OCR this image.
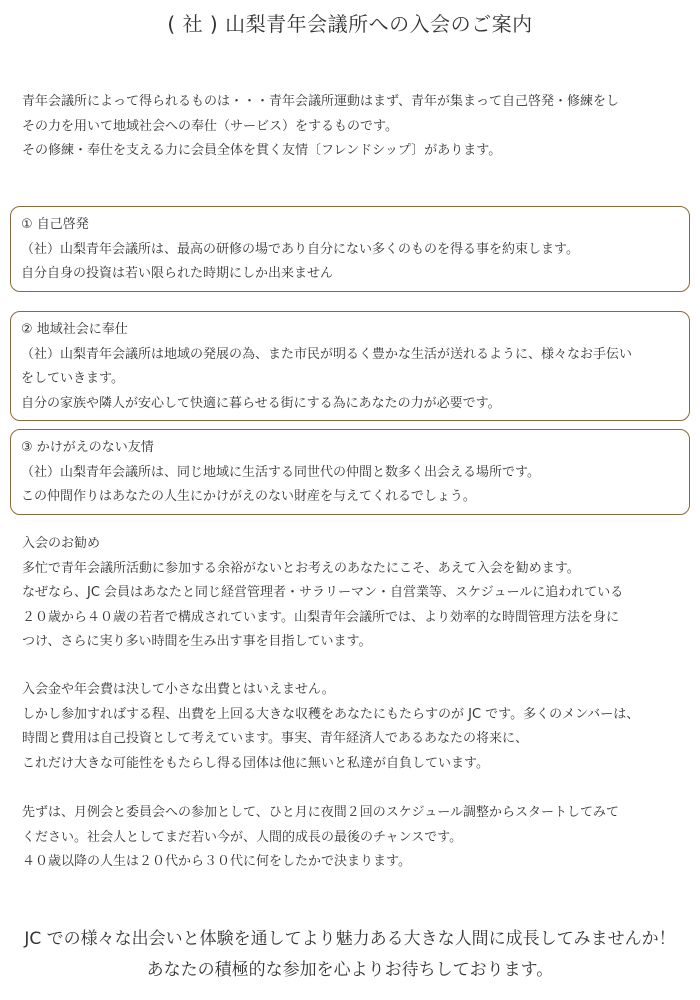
( 社 ) 山梨青年会議所への入会のご案内

青年会議所によって得られるものは・・・青年会議所運動はまず、青年が集まって自己啓発・修練をし

その力を用いて地域社会への奉仕（サービス）をするものです。

その修練・奉仕を支える力に会員全体を貫く友情〔フレンドシップ〕があります。

① 自己啓発

（社）山梨青年会議所は、最高の研修の場であり自分にない多くのものを得る事を約束します。

自分自身の投資は若い限られた時期にしか出来ません

② 地域社会に奉仕

（社）山梨青年会議所は地域の発展の為、また市民が明るく豊かな生活が送れるように、様々なお手伝い

をしていきます。

自分の家族や隣人が安心して快適に暮らせる街にする為にあなたの力が必要です。

③ かけがえのない友情

（社）山梨青年会議所は、同じ地域に生活する同世代の仲間と数多く出会える場所です。

この仲間作りはあなたの人生にかけがえのない財産を与えてくれるでしょう。

入会のお勧め

多忙で青年会議所活動に参加する余裕がないとお考えのあなたにこそ、あえて入会を勧めます。

なぜなら、JC 会員はあなたと同じ経営管理者・サラリーマン・自営業等、スケジュールに追われている

２０歳から４０歳の若者で構成されています。山梨青年会議所では、より効率的な時間管理方法を身に

つけ、さらに実り多い時間を生み出す事を目指しています。

入会金や年会費は決して小さな出費とはいえません。

しかし参加すればする程、出費を上回る大きな収穫をあなたにもたらすのが JC です。多くのメンバーは、

時間と費用は自己投資として考えています。事実、青年経済人であるあなたの将来に、

これだけ大きな可能性をもたらし得る団体は他に無いと私達が自負しています。

先ずは、月例会と委員会への参加として、ひと月に夜間２回のスケジュール調整からスタートしてみて

ください。社会人としてまだ若い今が、人間的成長の最後のチャンスです。

４０歳以降の人生は２０代から３０代に何をしたかで決まります。

JC での様々な出会いと体験を通してより魅力ある大きな人間に成長してみませんか！

あなたの積極的な参加を心よりお待ちしております。
